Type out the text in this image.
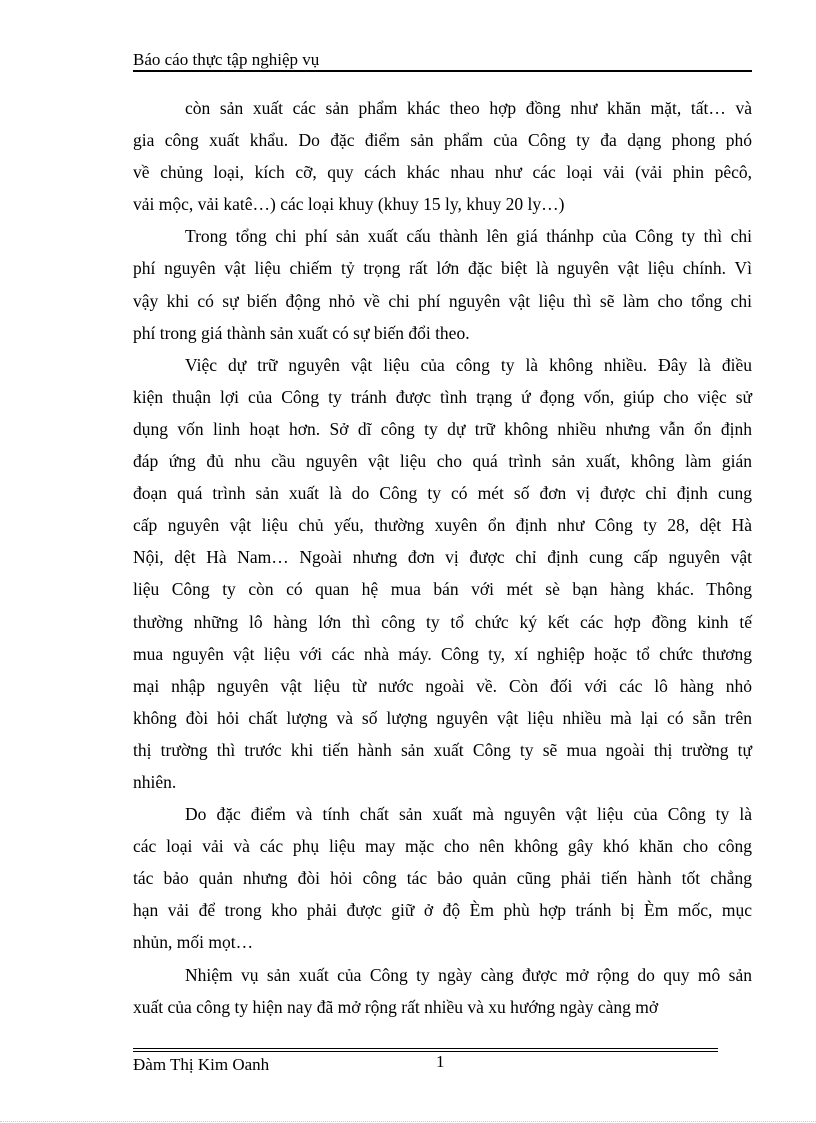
Báo cáo thực tập nghiệp vụ
còn sản xuất các sản phẩm khác theo hợp đồng như khăn mặt, tất… và
gia công xuất khẩu. Do đặc điểm sản phẩm của Công ty đa dạng phong phó
về chủng loại, kích cỡ, quy cách khác nhau như các loại vải (vải phin pêcô,
vải mộc, vải katê…) các loại khuy (khuy 15 ly, khuy 20 ly…)
Trong tổng chi phí sản xuất cấu thành lên giá thánhp của Công ty thì chi
phí nguyên vật liệu chiếm tỷ trọng rất lớn đặc biệt là nguyên vật liệu chính. Vì
vậy khi có sự biến động nhỏ về chi phí nguyên vật liệu thì sẽ làm cho tổng chi
phí trong giá thành sản xuất có sự biến đổi theo.
Việc dự trữ nguyên vật liệu của công ty là không nhiều. Đây là điều
kiện thuận lợi của Công ty tránh được tình trạng ứ đọng vốn, giúp cho việc sử
dụng vốn linh hoạt hơn. Sở dĩ công ty dự trữ không nhiều nhưng vẫn ổn định
đáp ứng đủ nhu cầu nguyên vật liệu cho quá trình sản xuất, không làm gián
đoạn quá trình sản xuất là do Công ty có mét số đơn vị được chỉ định cung
cấp nguyên vật liệu chủ yếu, thường xuyên ổn định như Công ty 28, dệt Hà
Nội, dệt Hà Nam… Ngoài nhưng đơn vị được chỉ định cung cấp nguyên vật
liệu Công ty còn có quan hệ mua bán với mét sè bạn hàng khác. Thông
thường những lô hàng lớn thì công ty tổ chức ký kết các hợp đồng kinh tế
mua nguyên vật liệu với các nhà máy. Công ty, xí nghiệp hoặc tổ chức thương
mại nhập nguyên vật liệu từ nước ngoài về. Còn đối với các lô hàng nhỏ
không đòi hỏi chất lượng và số lượng nguyên vật liệu nhiều mà lại có sẵn trên
thị trường thì trước khi tiến hành sản xuất Công ty sẽ mua ngoài thị trường tự
nhiên.
Do đặc điểm và tính chất sản xuất mà nguyên vật liệu của Công ty là
các loại vải và các phụ liệu may mặc cho nên không gây khó khăn cho công
tác bảo quản nhưng đòi hỏi công tác bảo quản cũng phải tiến hành tốt chẳng
hạn vải để trong kho phải được giữ ở độ Èm phù hợp tránh bị Èm mốc, mục
nhủn, mối mọt…
Nhiệm vụ sản xuất của Công ty ngày càng được mở rộng do quy mô sản
xuất của công ty hiện nay đã mở rộng rất nhiều và xu hướng ngày càng mở
Đàm Thị Kim Oanh	1
